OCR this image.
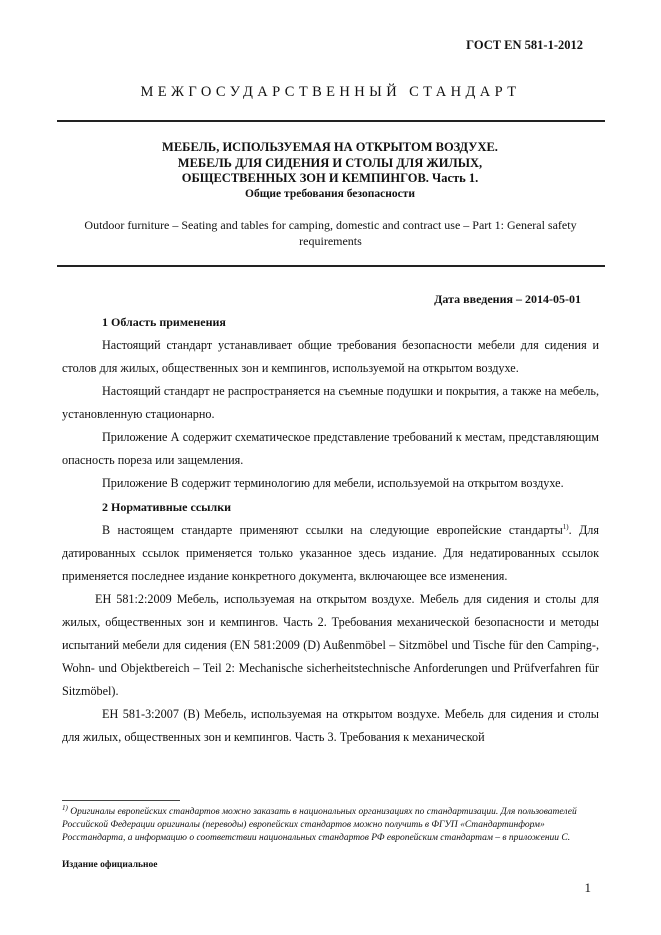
ГОСТ EN 581-1-2012
МЕЖГОСУДАРСТВЕННЫЙ СТАНДАРТ
МЕБЕЛЬ, ИСПОЛЬЗУЕМАЯ НА ОТКРЫТОМ ВОЗДУХЕ.
МЕБЕЛЬ ДЛЯ СИДЕНИЯ И СТОЛЫ ДЛЯ ЖИЛЫХ,
ОБЩЕСТВЕННЫХ ЗОН И КЕМПИНГОВ. Часть 1.
Общие требования безопасности
Outdoor furniture – Seating and tables for camping, domestic and contract use – Part 1: General safety requirements
Дата введения – 2014-05-01
1 Область применения

Настоящий стандарт устанавливает общие требования безопасности мебели для сидения и столов для жилых, общественных зон и кемпингов, используемой на открытом воздухе.

Настоящий стандарт не распространяется на съемные подушки и покрытия, а также на мебель, установленную стационарно.

Приложение А содержит схематическое представление требований к местам, представляющим опасность пореза или защемления.

Приложение В содержит терминологию для мебели, используемой на открытом воздухе.

2 Нормативные ссылки

В настоящем стандарте применяют ссылки на следующие европейские стандарты$^{1)}$. Для датированных ссылок применяется только указанное здесь издание. Для недатированных ссылок применяется последнее издание конкретного документа, включающее все изменения.

ЕН 581:2:2009 Мебель, используемая на открытом воздухе. Мебель для сидения и столы для жилых, общественных зон и кемпингов. Часть 2. Требования механической безопасности и методы испытаний мебели для сидения (EN 581:2009 (D) Außenmöbel – Sitzmöbel und Tische für den Camping-, Wohn- und Objektbereich – Teil 2: Mechanische sicherheitstechnische Anforderungen und Prüfverfahren für Sitzmöbel).

ЕН 581-3:2007 (В) Мебель, используемая на открытом воздухе. Мебель для сидения и столы для жилых, общественных зон и кемпингов. Часть 3. Требования к механической

$^{1)}$ Оригиналы европейских стандартов можно заказать в национальных организациях по стандартизации. Для пользователей Российской Федерации оригиналы (переводы) европейских стандартов можно получить в ФГУП «Стандартинформ» Росстандарта, а информацию о соответствии национальных стандартов РФ европейским стандартам – в приложении С.
Издание официальное
1
